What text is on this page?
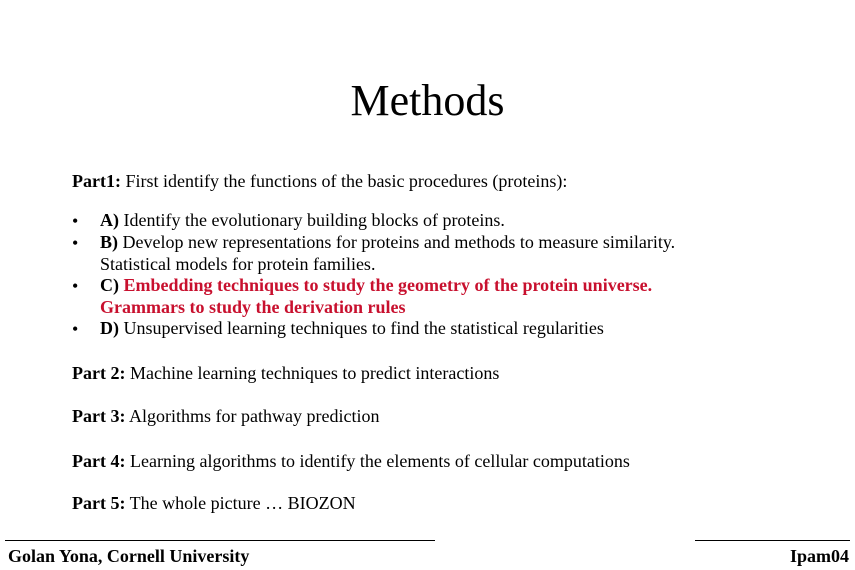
Methods
Part1: First identify the functions of the basic procedures (proteins):
• A) Identify the evolutionary building blocks of proteins.
• B) Develop new representations for proteins and methods to measure similarity.
Statistical models for protein families.
• C) Embedding techniques to study the geometry of the protein universe.
Grammars to study the derivation rules
• D) Unsupervised learning techniques to find the statistical regularities
Part 2: Machine learning techniques to predict interactions
Part 3: Algorithms for pathway prediction
Part 4: Learning algorithms to identify the elements of cellular computations
Part 5: The whole picture … BIOZON
Golan Yona, Cornell University	Ipam04
